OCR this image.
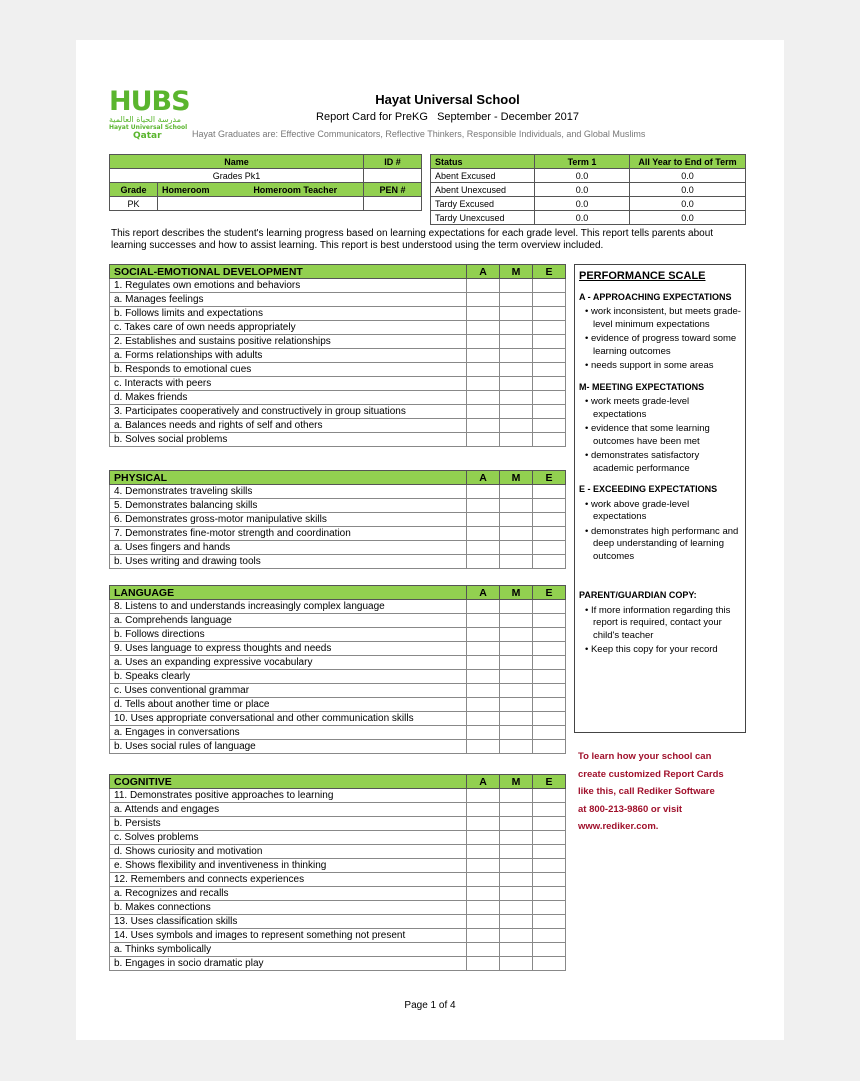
HUBS
مدرسة الحياة العالمية
Hayat Universal School
Qatar
Hayat Universal School
Report Card for PreKG   September - December 2017
Hayat Graduates are: Effective Communicators, Reflective Thinkers, Responsible Individuals, and Global Muslims
Name			ID #
Grades Pk1			
Grade	Homeroom	Homeroom Teacher	PEN #
PK			
Status	Term 1	All Year to End of Term
Abent Excused	0.0	0.0
Abent Unexcused	0.0	0.0
Tardy Excused	0.0	0.0
Tardy Unexcused	0.0	0.0
This report describes the student's learning progress based on learning expectations for each grade level. This report tells parents about learning successes and how to assist learning. This report is best understood using the term overview included.
SOCIAL-EMOTIONAL DEVELOPMENT	A	M	E
1. Regulates own emotions and behaviors			
a. Manages feelings			
b. Follows limits and expectations			
c. Takes care of own needs appropriately			
2. Establishes and sustains positive relationships			
a. Forms relationships with adults			
b. Responds to emotional cues			
c. Interacts with peers			
d. Makes friends			
3. Participates cooperatively and constructively in group situations			
a. Balances needs and rights of self and others			
b. Solves social problems			
PHYSICAL	A	M	E
4. Demonstrates traveling skills			
5. Demonstrates balancing skills			
6. Demonstrates gross-motor manipulative skills			
7. Demonstrates fine-motor strength and coordination			
a. Uses fingers and hands			
b. Uses writing and drawing tools			
LANGUAGE	A	M	E
8. Listens to and understands increasingly complex language			
a. Comprehends language			
b. Follows directions			
9. Uses language to express thoughts and needs			
a. Uses an expanding expressive vocabulary			
b. Speaks clearly			
c. Uses conventional grammar			
d. Tells about another time or place			
10. Uses appropriate conversational and other communication skills			
a. Engages in conversations			
b. Uses social rules of language			
COGNITIVE	A	M	E
11. Demonstrates positive approaches to learning			
a. Attends and engages			
b. Persists			
c. Solves problems			
d. Shows curiosity and motivation			
e. Shows flexibility and inventiveness in thinking			
12. Remembers and connects experiences			
a. Recognizes and recalls			
b. Makes connections			
13. Uses classification skills			
14. Uses symbols and images to represent something not present			
a. Thinks symbolically			
b. Engages in socio dramatic play			
PERFORMANCE SCALE
A - APPROACHING EXPECTATIONS
• work inconsistent, but meets grade-level minimum expectations
• evidence of progress toward some learning outcomes
• needs support in some areas
M- MEETING EXPECTATIONS
• work meets grade-level expectations
• evidence that some learning outcomes have been met
• demonstrates satisfactory academic performance
E - EXCEEDING EXPECTATIONS
• work above grade-level expectations
• demonstrates high performanc and deep understanding of learning outcomes
PARENT/GUARDIAN COPY:
• If more information regarding this report is required, contact your child's teacher
• Keep this copy for your record
To learn how your school can
create customized Report Cards
like this, call Rediker Software
at 800-213-9860 or visit
www.rediker.com.
Page 1 of 4
